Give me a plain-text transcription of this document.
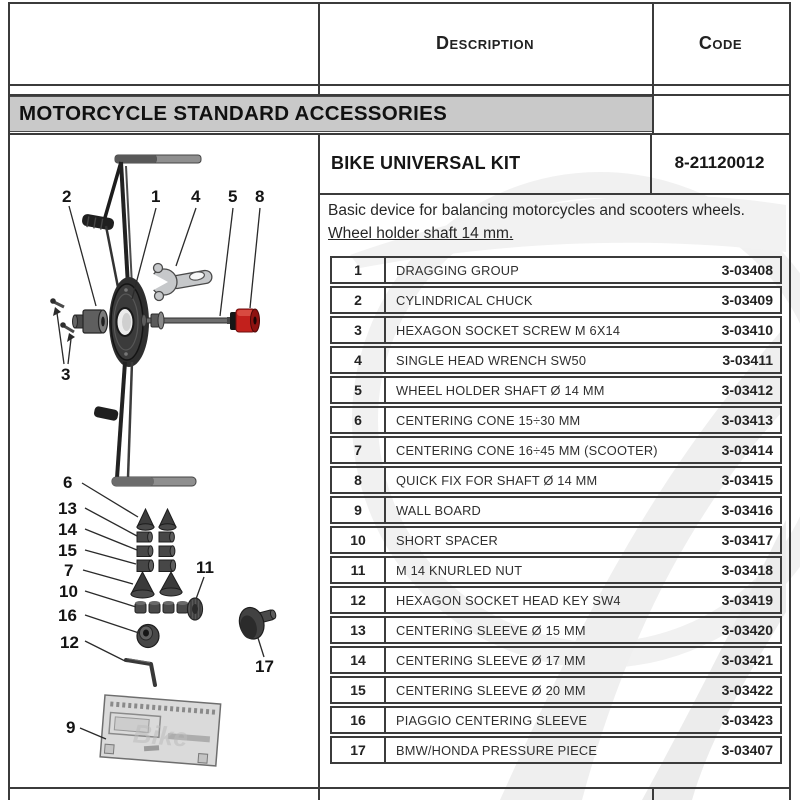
Description	Code
MOTORCYCLE STANDARD ACCESSORIES
BIKE UNIVERSAL KIT	8-21120012
Basic device for balancing motorcycles and scooters wheels.
Wheel holder shaft 14 mm.
1	DRAGGING GROUP	3-03408
2	CYLINDRICAL CHUCK	3-03409
3	HEXAGON SOCKET SCREW M 6X14	3-03410
4	SINGLE HEAD WRENCH SW50	3-03411
5	WHEEL HOLDER SHAFT Ø 14 MM	3-03412
6	CENTERING CONE 15÷30 MM	3-03413
7	CENTERING CONE 16÷45 MM (SCOOTER)	3-03414
8	QUICK FIX FOR SHAFT Ø 14 MM	3-03415
9	WALL BOARD	3-03416
10	SHORT SPACER	3-03417
11	M 14 KNURLED NUT	3-03418
12	HEXAGON SOCKET HEAD KEY SW4	3-03419
13	CENTERING SLEEVE Ø 15 MM	3-03420
14	CENTERING SLEEVE Ø 17 MM	3-03421
15	CENTERING SLEEVE Ø 20 MM	3-03422
16	PIAGGIO CENTERING SLEEVE	3-03423
17	BMW/HONDA PRESSURE PIECE	3-03407
Bike
1
2
3
4 5
6
7
8
9
10
11
12
13
14
15
16
17
